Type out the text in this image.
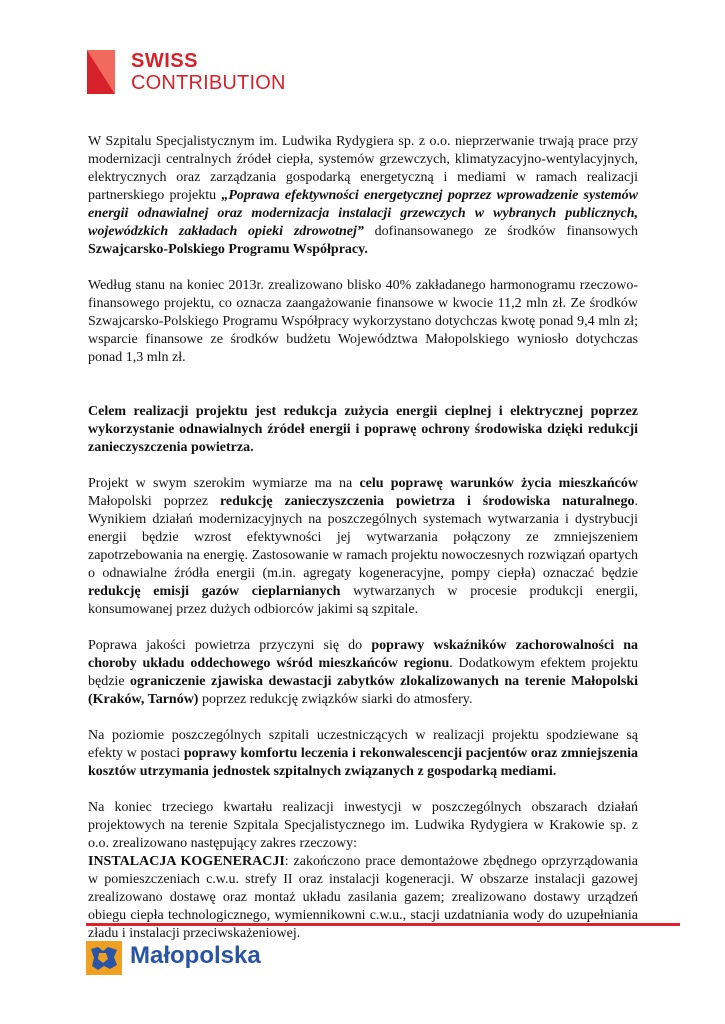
SWISS
CONTRIBUTION

W Szpitalu Specjalistycznym im. Ludwika Rydygiera sp. z o.o. nieprzerwanie trwają prace przy modernizacji centralnych źródeł ciepła, systemów grzewczych, klimatyzacyjno-wentylacyjnych, elektrycznych oraz zarządzania gospodarką energetyczną i mediami w ramach realizacji partnerskiego projektu „Poprawa efektywności energetycznej poprzez wprowadzenie systemów energii odnawialnej oraz modernizacja instalacji grzewczych w wybranych publicznych, wojewódzkich zakładach opieki zdrowotnej” dofinansowanego ze środków finansowych Szwajcarsko-Polskiego Programu Współpracy.

Według stanu na koniec 2013r. zrealizowano blisko 40% zakładanego harmonogramu rzeczowo-finansowego projektu, co oznacza zaangażowanie finansowe w kwocie 11,2 mln zł. Ze środków Szwajcarsko-Polskiego Programu Współpracy wykorzystano dotychczas kwotę ponad 9,4 mln zł; wsparcie finansowe ze środków budżetu Województwa Małopolskiego wyniosło dotychczas ponad 1,3 mln zł.

Celem realizacji projektu jest redukcja zużycia energii cieplnej i elektrycznej poprzez wykorzystanie odnawialnych źródeł energii i poprawę ochrony środowiska dzięki redukcji zanieczyszczenia powietrza.

Projekt w swym szerokim wymiarze ma na celu poprawę warunków życia mieszkańców Małopolski poprzez redukcję zanieczyszczenia powietrza i środowiska naturalnego. Wynikiem działań modernizacyjnych na poszczególnych systemach wytwarzania i dystrybucji energii będzie wzrost efektywności jej wytwarzania połączony ze zmniejszeniem zapotrzebowania na energię. Zastosowanie w ramach projektu nowoczesnych rozwiązań opartych o odnawialne źródła energii (m.in. agregaty kogeneracyjne, pompy ciepła) oznaczać będzie redukcję emisji gazów cieplarnianych wytwarzanych w procesie produkcji energii, konsumowanej przez dużych odbiorców jakimi są szpitale.

Poprawa jakości powietrza przyczyni się do poprawy wskaźników zachorowalności na choroby układu oddechowego wśród mieszkańców regionu. Dodatkowym efektem projektu będzie ograniczenie zjawiska dewastacji zabytków zlokalizowanych na terenie Małopolski (Kraków, Tarnów) poprzez redukcję związków siarki do atmosfery.

Na poziomie poszczególnych szpitali uczestniczących w realizacji projektu spodziewane są efekty w postaci poprawy komfortu leczenia i rekonwalescencji pacjentów oraz zmniejszenia kosztów utrzymania jednostek szpitalnych związanych z gospodarką mediami.

Na koniec trzeciego kwartału realizacji inwestycji w poszczególnych obszarach działań projektowych na terenie Szpitala Specjalistycznego im. Ludwika Rydygiera w Krakowie sp. z o.o. zrealizowano następujący zakres rzeczowy:

INSTALACJA KOGENERACJI: zakończono prace demontażowe zbędnego oprzyrządowania w pomieszczeniach c.w.u. strefy II oraz instalacji kogeneracji. W obszarze instalacji gazowej zrealizowano dostawę oraz montaż układu zasilania gazem; zrealizowano dostawy urządzeń obiegu ciepła technologicznego, wymiennikowni c.w.u., stacji uzdatniania wody do uzupełniania zładu i instalacji przeciwskażeniowej.

Małopolska
